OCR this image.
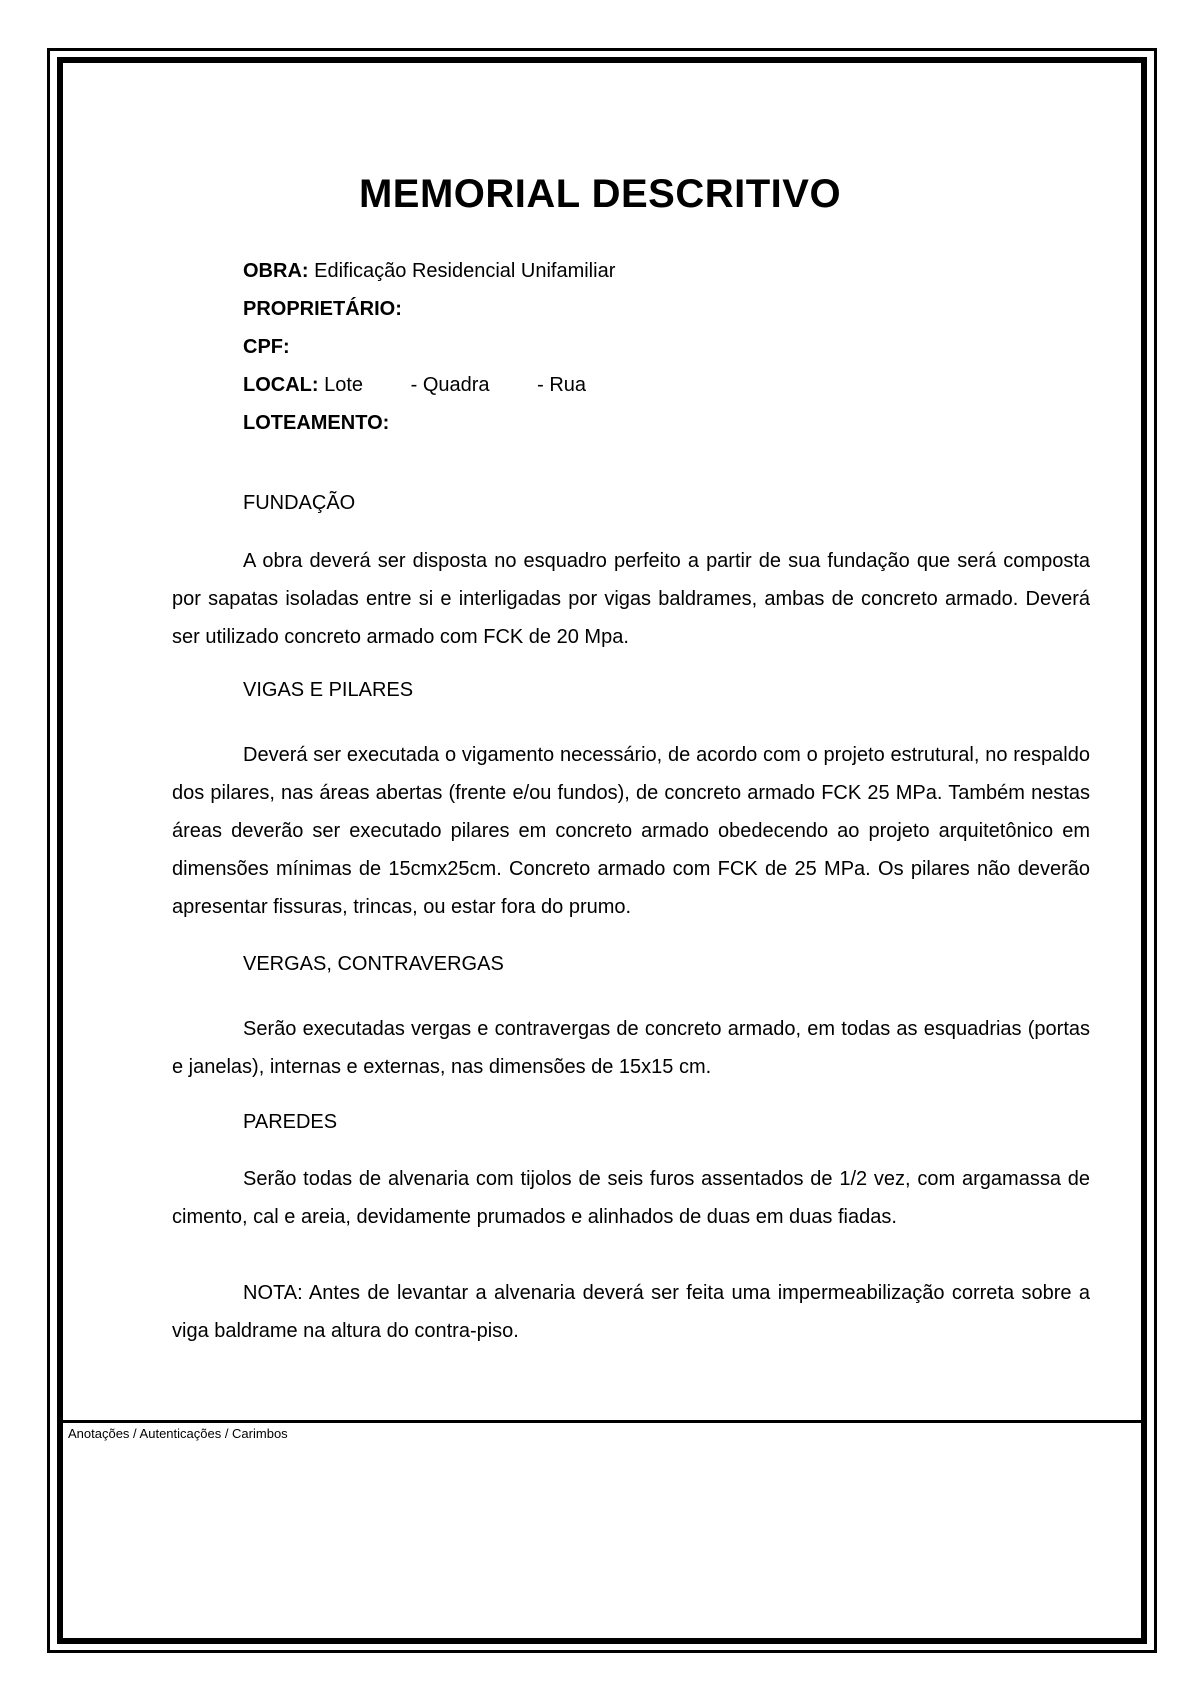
MEMORIAL DESCRITIVO
OBRA: Edificação Residencial Unifamiliar
PROPRIETÁRIO:
CPF:
LOCAL: Lote - Quadra - Rua
LOTEAMENTO:
FUNDAÇÃO

A obra deverá ser disposta no esquadro perfeito a partir de sua fundação que será composta por sapatas isoladas entre si e interligadas por vigas baldrames, ambas de concreto armado. Deverá ser utilizado concreto armado com FCK de 20 Mpa.

VIGAS E PILARES

Deverá ser executada o vigamento necessário, de acordo com o projeto estrutural, no respaldo dos pilares, nas áreas abertas (frente e/ou fundos), de concreto armado FCK 25 MPa. Também nestas áreas deverão ser executado pilares em concreto armado obedecendo ao projeto arquitetônico em dimensões mínimas de 15cmx25cm. Concreto armado com FCK de 25 MPa. Os pilares não deverão apresentar fissuras, trincas, ou estar fora do prumo.

VERGAS, CONTRAVERGAS

Serão executadas vergas e contravergas de concreto armado, em todas as esquadrias (portas e janelas), internas e externas, nas dimensões de 15x15 cm.

PAREDES

Serão todas de alvenaria com tijolos de seis furos assentados de 1/2 vez, com argamassa de cimento, cal e areia, devidamente prumados e alinhados de duas em duas fiadas.

NOTA: Antes de levantar a alvenaria deverá ser feita uma impermeabilização correta sobre a viga baldrame na altura do contra-piso.

Anotações / Autenticações / Carimbos
